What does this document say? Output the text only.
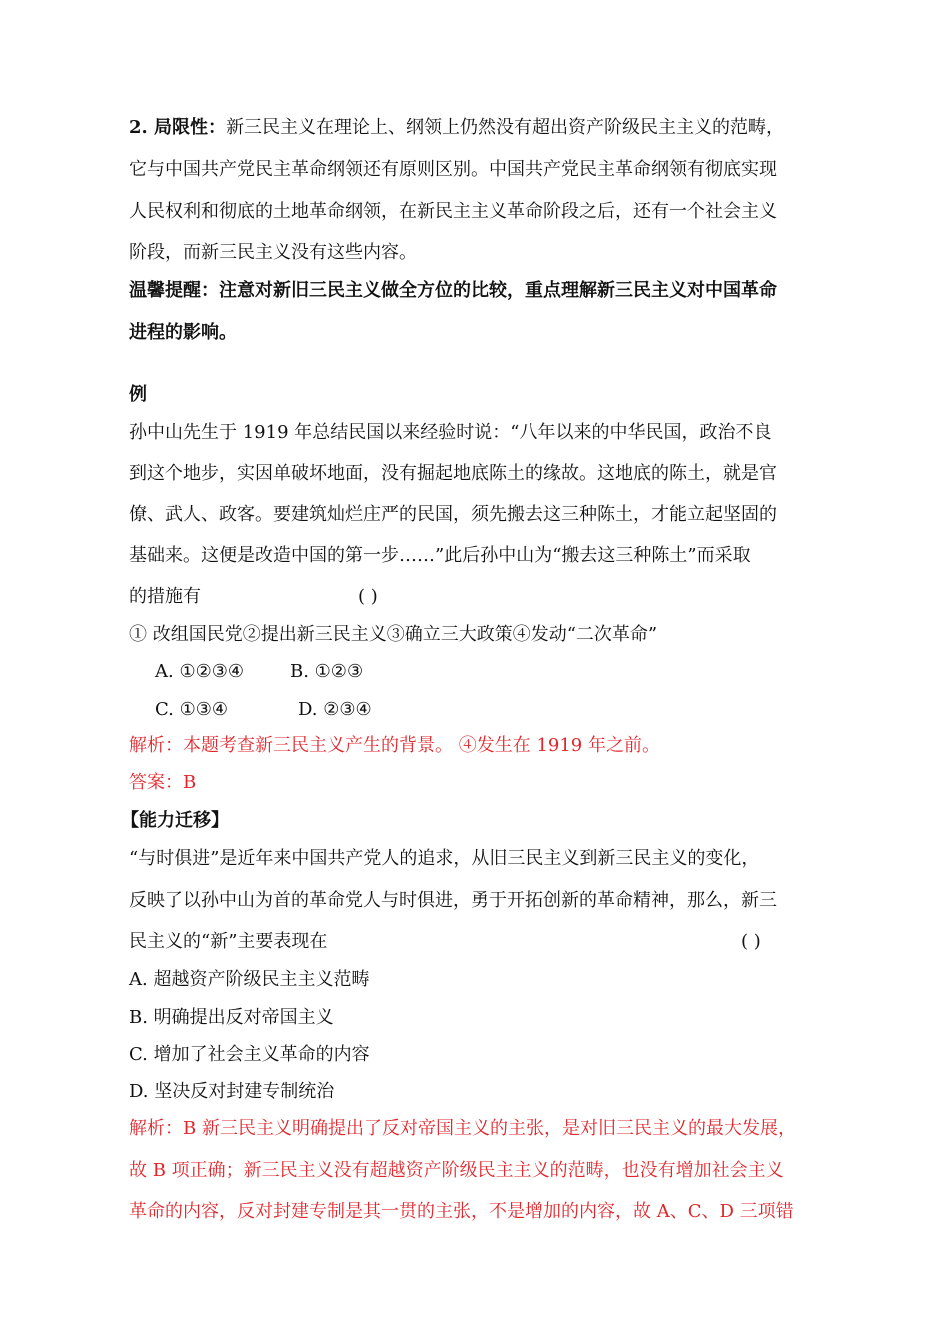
2. 局限性：新三民主义在理论上、纲领上仍然没有超出资产阶级民主主义的范畴，
它与中国共产党民主革命纲领还有原则区别。中国共产党民主革命纲领有彻底实现
人民权利和彻底的土地革命纲领，在新民主主义革命阶段之后，还有一个社会主义
阶段，而新三民主义没有这些内容。
温馨提醒：注意对新旧三民主义做全方位的比较，重点理解新三民主义对中国革命
进程的影响。
例
孙中山先生于 1919 年总结民国以来经验时说：“八年以来的中华民国，政治不良
到这个地步，实因单破坏地面，没有掘起地底陈土的缘故。这地底的陈土，就是官
僚、武人、政客。要建筑灿烂庄严的民国，须先搬去这三种陈土，才能立起坚固的
基础来。这便是改造中国的第一步……”此后孙中山为“搬去这三种陈土”而采取
的措施有	( )
① 改组国民党②提出新三民主义③确立三大政策④发动“二次革命”
A. ①②③④	B. ①②③
C. ①③④	D. ②③④
解析：本题考查新三民主义产生的背景。 ④发生在 1919 年之前。
答案：B
【能力迁移】
“与时俱进”是近年来中国共产党人的追求，从旧三民主义到新三民主义的变化，
反映了以孙中山为首的革命党人与时俱进，勇于开拓创新的革命精神，那么，新三
民主义的“新”主要表现在	( )
A. 超越资产阶级民主主义范畴
B. 明确提出反对帝国主义
C. 增加了社会主义革命的内容
D. 坚决反对封建专制统治
解析：B 新三民主义明确提出了反对帝国主义的主张，是对旧三民主义的最大发展，
故 B 项正确；新三民主义没有超越资产阶级民主主义的范畴，也没有增加社会主义
革命的内容，反对封建专制是其一贯的主张，不是增加的内容，故 A、C、D 三项错
